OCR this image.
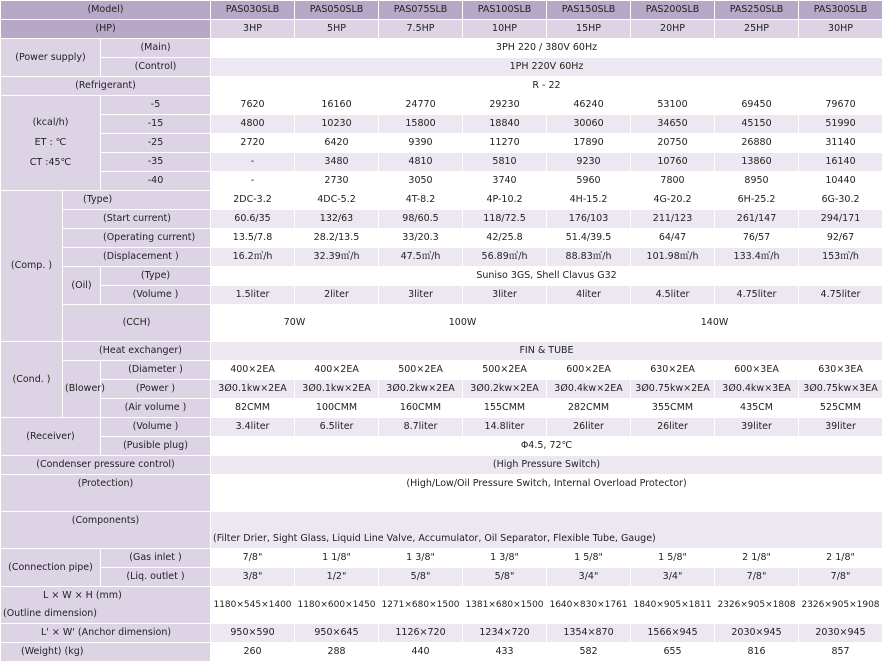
(Model)			PAS030SLB	PAS050SLB	PAS075SLB	PAS100SLB	PAS150SLB	PAS200SLB	PAS250SLB	PAS300SLB
(HP)			3HP	5HP	7.5HP	10HP	15HP	20HP	25HP	30HP
(Power supply)		(Main)	3PH 220 / 380V 60Hz							
		(Control)	1PH 220V 60Hz							
(Refrigerant)			R - 22							

(kcal/h)
ET : ℃
CT :45℃		-5	7620	16160	24770	29230	46240	53100	69450	79670
		-15	4800	10230	15800	18840	30060	34650	45150	51990
		-25	2720	6420	9390	11270	17890	20750	26880	31140
		-35	-	3480	4810	5810	9230	10760	13860	16140
		-40	-	2730	3050	3740	5960	7800	8950	10440
(Comp. )	(Type)		2DC-3.2	4DC-5.2	4T-8.2	4P-10.2	4H-15.2	4G-20.2	6H-25.2	6G-30.2
	(Start current)		60.6/35	132/63	98/60.5	118/72.5	176/103	211/123	261/147	294/171
	(Operating current)		13.5/7.8	28.2/13.5	33/20.3	42/25.8	51.4/39.5	64/47	76/57	92/67
	(Displacement )		16.2㎥/h	32.39㎥/h	47.5㎥/h	56.89㎥/h	88.83㎥/h	101.98㎥/h	133.4㎥/h	153㎥/h
	(Oil)	(Type)	Suniso 3GS, Shell Clavus G32							
		(Volume )	1.5liter	2liter	3liter	3liter	4liter	4.5liter	4.75liter	4.75liter
	(CCH)		70W		100W		140W			

(Cond. )	(Heat exchanger)		FIN & TUBE							
	(Blower)	(Diameter )	400×2EA	400×2EA	500×2EA	500×2EA	600×2EA	630×2EA	600×3EA	630×3EA
		(Power )	3Ø0.1kw×2EA	3Ø0.1kw×2EA	3Ø0.2kw×2EA	3Ø0.2kw×2EA	3Ø0.4kw×2EA	3Ø0.75kw×2EA	3Ø0.4kw×3EA	3Ø0.75kw×3EA
		(Air volume )	82CMM	100CMM	160CMM	155CMM	282CMM	355CMM	435CM	525CMM
(Receiver)		(Volume )	3.4liter	6.5liter	8.7liter	14.8liter	26liter	26liter	39liter	39liter
		(Pusible plug)	Φ4.5, 72℃							
(Condenser pressure control)			(High Pressure Switch)							
(Protection)			(High/Low/Oil Pressure Switch, Internal Overload Protector)							
(Components)			(Filter Drier, Sight Glass, Liquid Line Valve, Accumulator, Oil Separator, Flexible Tube, Gauge)							
(Connection pipe)		(Gas inlet )	7/8"	1 1/8"	1 3/8"	1 3/8"	1 5/8"	1 5/8"	2 1/8"	2 1/8"
		(Liq. outlet )	3/8"	1/2"	5/8"	5/8"	3/4"	3/4"	7/8"	7/8"

L × W × H (mm)
(Outline dimension)			1180×545×1400	1180×600×1450	1271×680×1500	1381×680×1500	1640×830×1761	1840×905×1811	2326×905×1808	2326×905×1908
L' × W' (Anchor dimension)			950×590	950×645	1126×720	1234×720	1354×870	1566×945	2030×945	2030×945
(Weight) (kg)			260	288	440	433	582	655	816	857
